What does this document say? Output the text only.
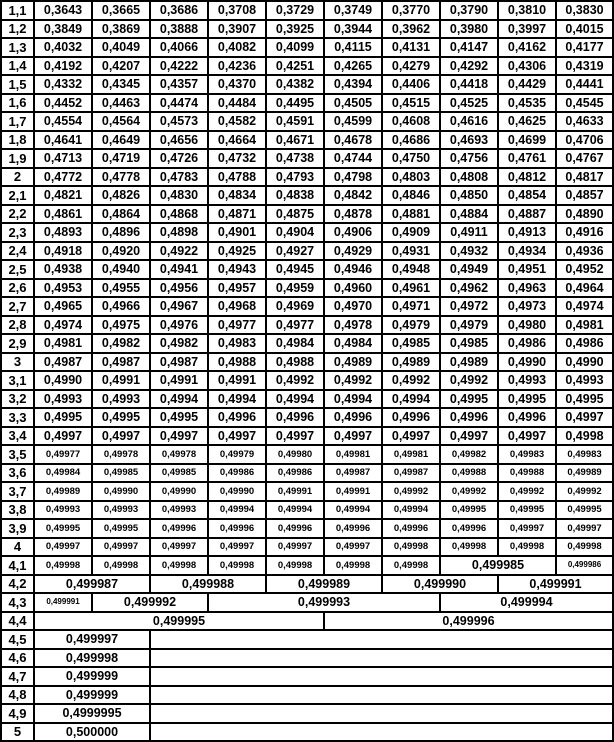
1,1	0,3643	0,3665	0,3686	0,3708	0,3729	0,3749	0,3770	0,3790	0,3810	0,3830
1,2	0,3849	0,3869	0,3888	0,3907	0,3925	0,3944	0,3962	0,3980	0,3997	0,4015
1,3	0,4032	0,4049	0,4066	0,4082	0,4099	0,4115	0,4131	0,4147	0,4162	0,4177
1,4	0,4192	0,4207	0,4222	0,4236	0,4251	0,4265	0,4279	0,4292	0,4306	0,4319
1,5	0,4332	0,4345	0,4357	0,4370	0,4382	0,4394	0,4406	0,4418	0,4429	0,4441
1,6	0,4452	0,4463	0,4474	0,4484	0,4495	0,4505	0,4515	0,4525	0,4535	0,4545
1,7	0,4554	0,4564	0,4573	0,4582	0,4591	0,4599	0,4608	0,4616	0,4625	0,4633
1,8	0,4641	0,4649	0,4656	0,4664	0,4671	0,4678	0,4686	0,4693	0,4699	0,4706
1,9	0,4713	0,4719	0,4726	0,4732	0,4738	0,4744	0,4750	0,4756	0,4761	0,4767
2	0,4772	0,4778	0,4783	0,4788	0,4793	0,4798	0,4803	0,4808	0,4812	0,4817
2,1	0,4821	0,4826	0,4830	0,4834	0,4838	0,4842	0,4846	0,4850	0,4854	0,4857
2,2	0,4861	0,4864	0,4868	0,4871	0,4875	0,4878	0,4881	0,4884	0,4887	0,4890
2,3	0,4893	0,4896	0,4898	0,4901	0,4904	0,4906	0,4909	0,4911	0,4913	0,4916
2,4	0,4918	0,4920	0,4922	0,4925	0,4927	0,4929	0,4931	0,4932	0,4934	0,4936
2,5	0,4938	0,4940	0,4941	0,4943	0,4945	0,4946	0,4948	0,4949	0,4951	0,4952
2,6	0,4953	0,4955	0,4956	0,4957	0,4959	0,4960	0,4961	0,4962	0,4963	0,4964
2,7	0,4965	0,4966	0,4967	0,4968	0,4969	0,4970	0,4971	0,4972	0,4973	0,4974
2,8	0,4974	0,4975	0,4976	0,4977	0,4977	0,4978	0,4979	0,4979	0,4980	0,4981
2,9	0,4981	0,4982	0,4982	0,4983	0,4984	0,4984	0,4985	0,4985	0,4986	0,4986
3	0,4987	0,4987	0,4987	0,4988	0,4988	0,4989	0,4989	0,4989	0,4990	0,4990
3,1	0,4990	0,4991	0,4991	0,4991	0,4992	0,4992	0,4992	0,4992	0,4993	0,4993
3,2	0,4993	0,4993	0,4994	0,4994	0,4994	0,4994	0,4994	0,4995	0,4995	0,4995
3,3	0,4995	0,4995	0,4995	0,4996	0,4996	0,4996	0,4996	0,4996	0,4996	0,4997
3,4	0,4997	0,4997	0,4997	0,4997	0,4997	0,4997	0,4997	0,4997	0,4997	0,4998
3,5	0,49977	0,49978	0,49978	0,49979	0,49980	0,49981	0,49981	0,49982	0,49983	0,49983
3,6	0,49984	0,49985	0,49985	0,49986	0,49986	0,49987	0,49987	0,49988	0,49988	0,49989
3,7	0,49989	0,49990	0,49990	0,49990	0,49991	0,49991	0,49992	0,49992	0,49992	0,49992
3,8	0,49993	0,49993	0,49993	0,49994	0,49994	0,49994	0,49994	0,49995	0,49995	0,49995
3,9	0,49995	0,49995	0,49996	0,49996	0,49996	0,49996	0,49996	0,49996	0,49997	0,49997
4	0,49997	0,49997	0,49997	0,49997	0,49997	0,49997	0,49998	0,49998	0,49998	0,49998
4,1	0,49998	0,49998	0,49998	0,49998	0,49998	0,49998	0,49998	0,499985		0,499986
4,2	0,499987		0,499988		0,499989		0,499990		0,499991	
4,3	0,499991	0,499992		0,499993				0,499994		
4,4	0,499995					0,499996				
4,5	0,499997									
4,6	0,499998									
4,7	0,499999									
4,8	0,499999									
4,9	0,4999995									
5	0,500000									
